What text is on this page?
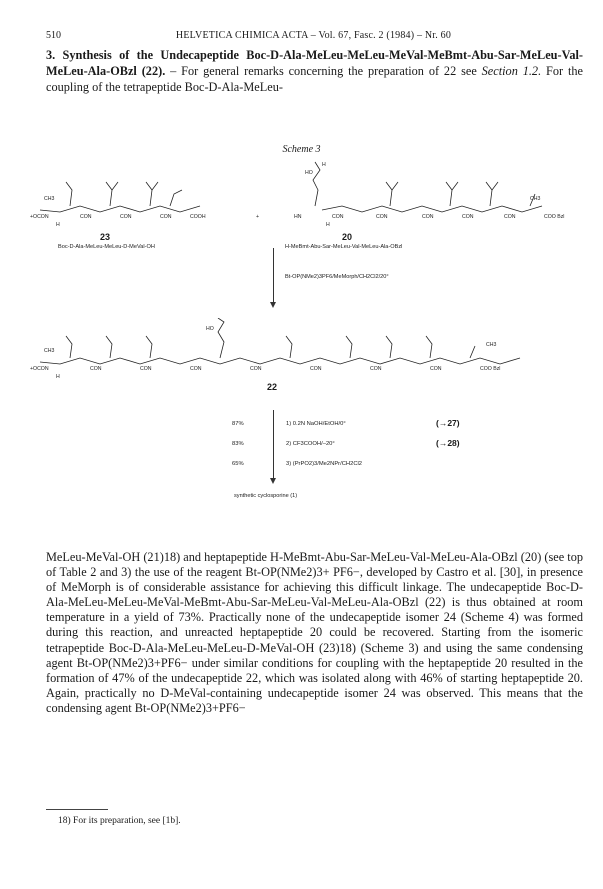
510	HELVETICA CHIMICA ACTA – Vol. 67, Fasc. 2 (1984) – Nr. 60
3. Synthesis of the Undecapeptide Boc-D-Ala-MeLeu-MeLeu-MeVal-MeBmt-Abu-Sar-MeLeu-Val-MeLeu-Ala-OBzl (22). – For general remarks concerning the preparation of 22 see Section 1.2. For the coupling of the tetrapeptide Boc-D-Ala-MeLeu-
Scheme 3
CH3	CH3
+OCON	CON	CON	CON	COOH	+	HN	CON	CON	CON	CON	CON	COO Bzl
HO
H
H	H
23	20
Boc-D-Ala-MeLeu-MeLeu-D-MeVal-OH	H-MeBmt-Abu-Sar-MeLeu-Val-MeLeu-Ala-OBzl
Bt-OP(NMe2)3PF6/MeMorph/CH2Cl2/20°
CH3
CH3
+OCON	CON	CON	CON	CON	CON	CON	CON	COO Bzl
HO
H
22
87%	1) 0.2N NaOH/EtOH/0°	(→27)
83%	2) CF3COOH/–20°	(→28)
65%	3) (PrPO2)3/Me2NPr/CH2Cl2
synthetic cyclosporine (1)
MeLeu-MeVal-OH (21)18) and heptapeptide H-MeBmt-Abu-Sar-MeLeu-Val-MeLeu-Ala-OBzl (20) (see top of Table 2 and 3) the use of the reagent Bt-OP(NMe2)3+ PF6−, developed by Castro et al. [30], in presence of MeMorph is of considerable assistance for achieving this difficult linkage. The undecapeptide Boc-D-Ala-MeLeu-MeLeu-MeVal-MeBmt-Abu-Sar-MeLeu-Val-MeLeu-Ala-OBzl (22) is thus obtained at room temperature in a yield of 73%. Practically none of the undecapeptide isomer 24 (Scheme 4) was formed during this reaction, and unreacted heptapeptide 20 could be recovered. Starting from the isomeric tetrapeptide Boc-D-Ala-MeLeu-MeLeu-D-MeVal-OH (23)18) (Scheme 3) and using the same condensing agent Bt-OP(NMe2)3+PF6− under similar conditions for coupling with the heptapeptide 20 resulted in the formation of 47% of the undecapeptide 22, which was isolated along with 46% of starting heptapeptide 20. Again, practically no D-MeVal-containing undecapeptide isomer 24 was observed. This means that the condensing agent Bt-OP(NMe2)3+PF6−
18) For its preparation, see [1b].
